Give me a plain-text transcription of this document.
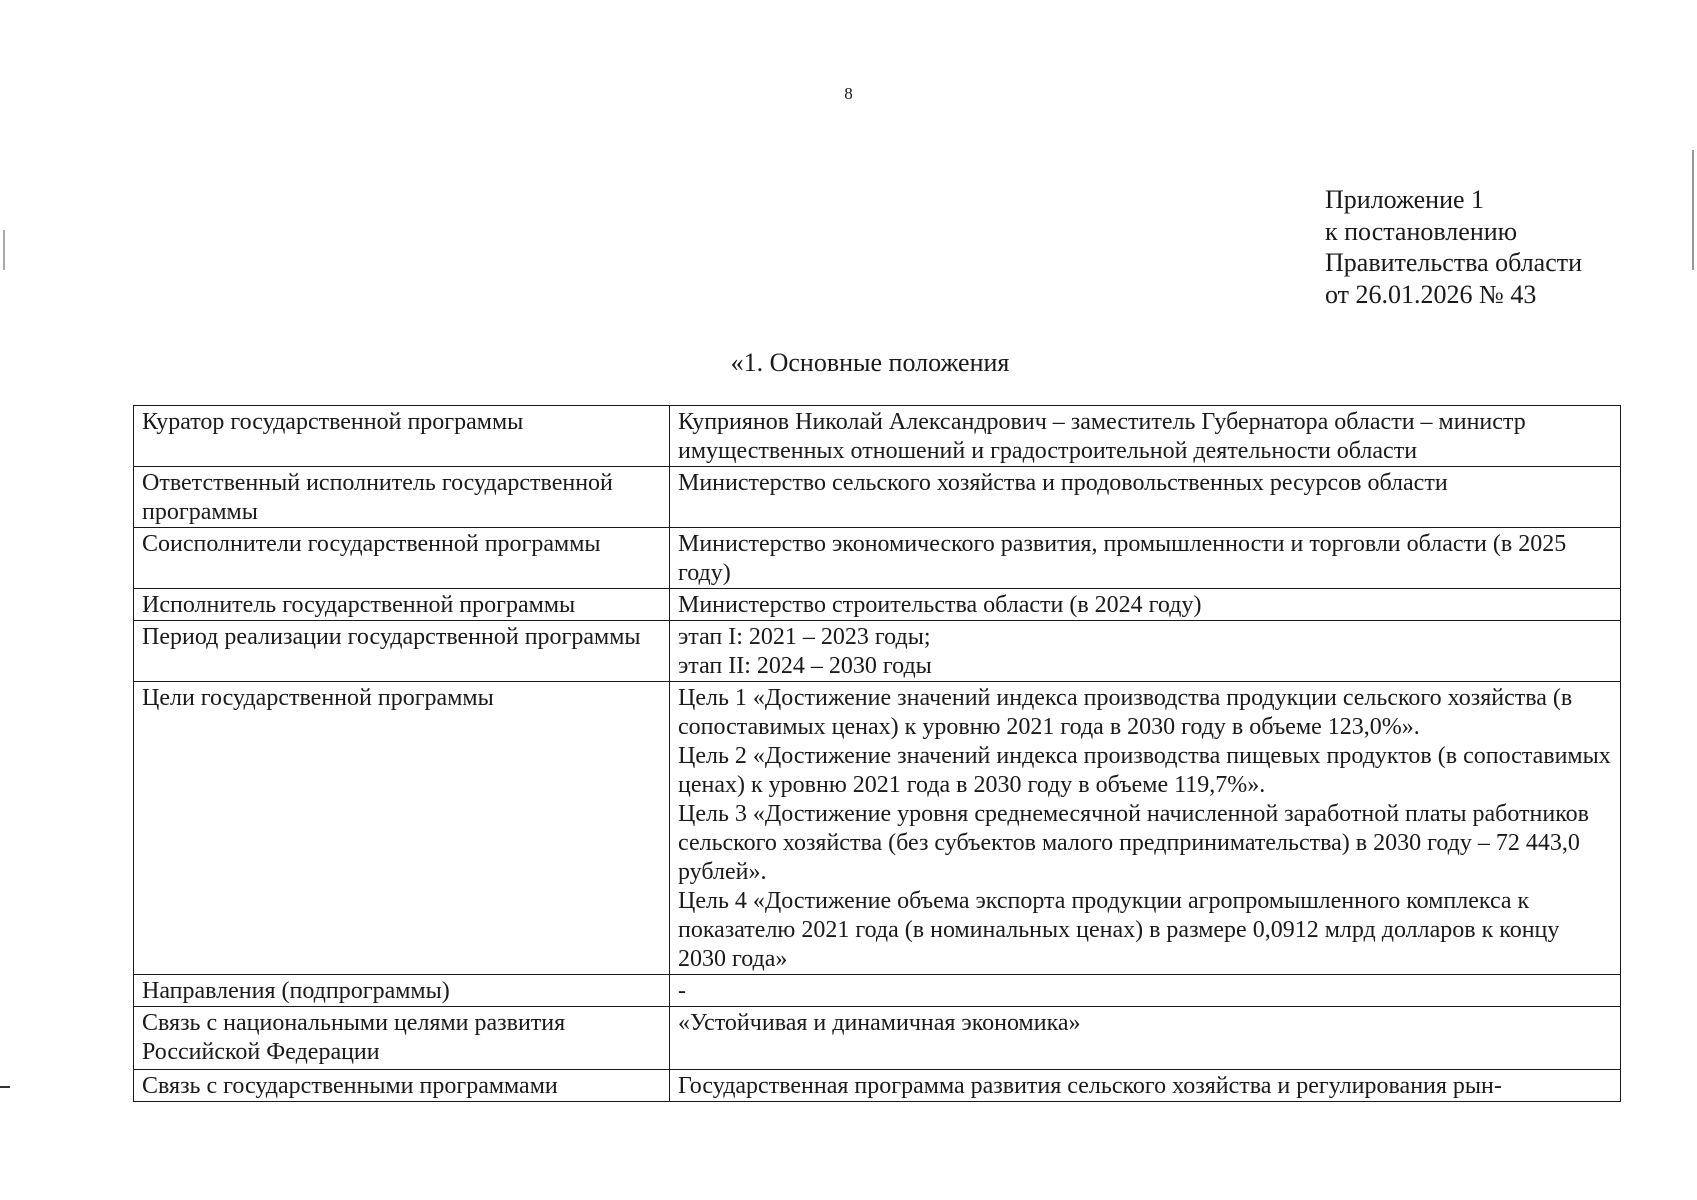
8
Приложение 1
к постановлению
Правительства области
от 26.01.2026 № 43
«1. Основные положения
Куратор государственной программы	Куприянов Николай Александрович – заместитель Губернатора области – министр имущественных отношений и градостроительной деятельности области
Ответственный исполнитель государственной программы	Министерство сельского хозяйства и продовольственных ресурсов области
Соисполнители государственной программы	Министерство экономического развития, промышленности и торговли области (в 2025 году)
Исполнитель государственной программы	Министерство строительства области (в 2024 году)
Период реализации государственной программы	этап I: 2021 – 2023 годы;
этап II: 2024 – 2030 годы

Цели государственной программы	Цель 1 «Достижение значений индекса производства продукции сельского хозяйства (в сопоставимых ценах) к уровню 2021 года в 2030 году в объеме 123,0%».

Цель 2 «Достижение значений индекса производства пищевых продуктов (в сопоставимых ценах) к уровню 2021 года в 2030 году в объеме 119,7%».

Цель 3 «Достижение уровня среднемесячной начисленной заработной платы работников сельского хозяйства (без субъектов малого предпринимательства) в 2030 году – 72 443,0 рублей».

Цель 4 «Достижение объема экспорта продукции агропромышленного комплекса к показателю 2021 года (в номинальных ценах) в размере 0,0912 млрд долларов к концу 2030 года»

Направления (подпрограммы)	-
Связь с национальными целями развития Российской Федерации	«Устойчивая и динамичная экономика»
Связь с государственными программами	Государственная программа развития сельского хозяйства и регулирования рын-
